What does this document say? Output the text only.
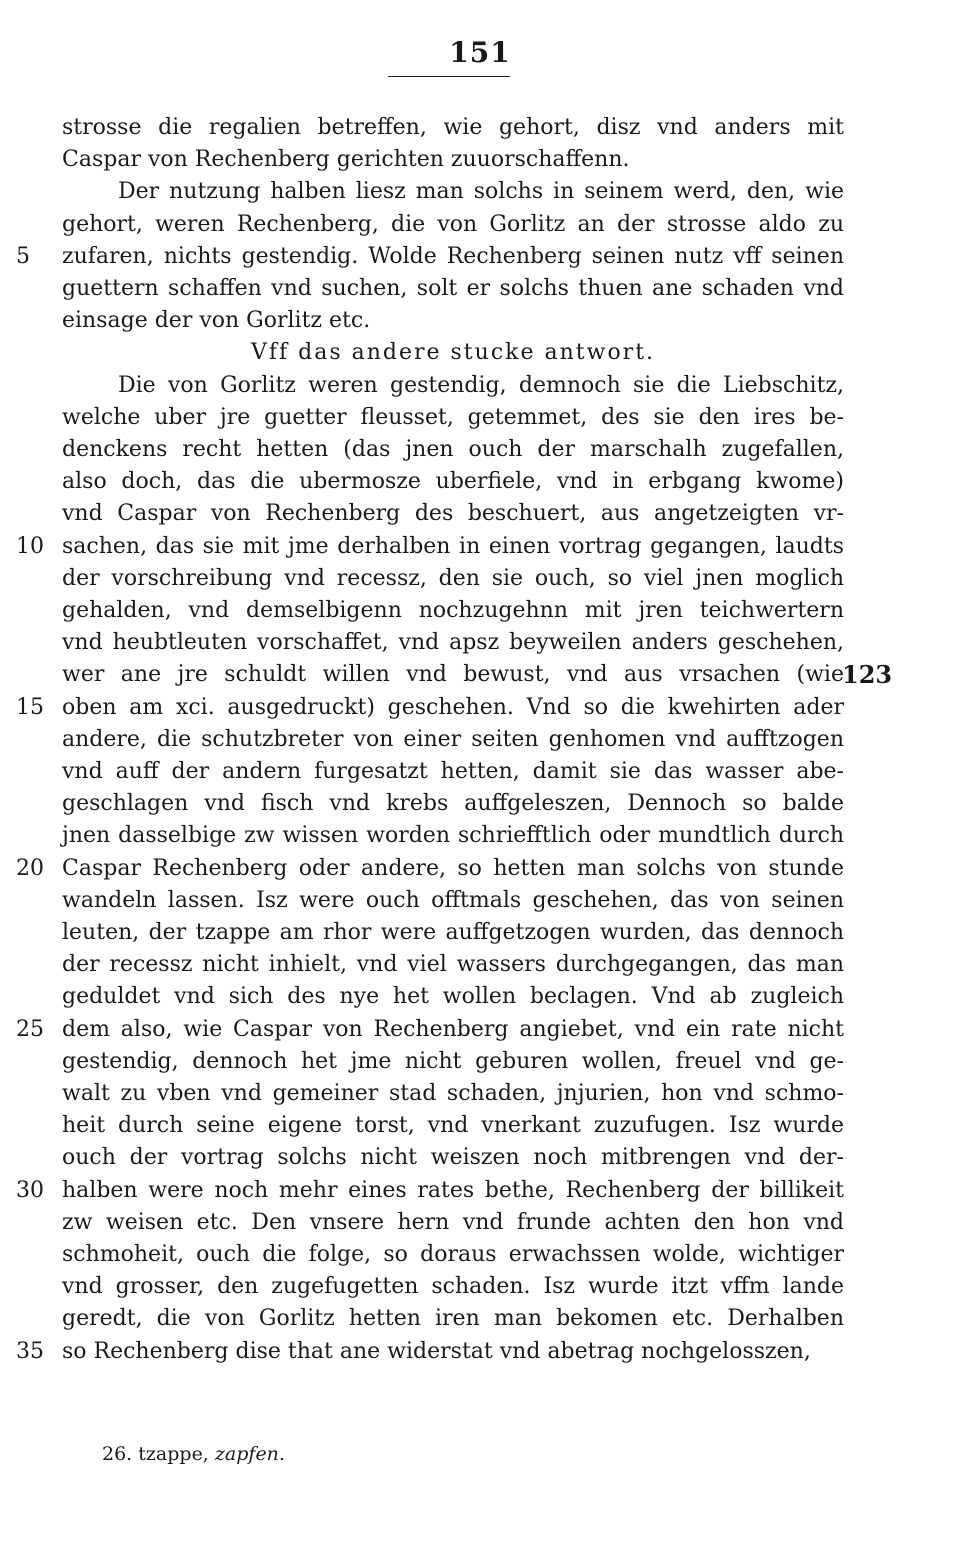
151
strosse die regalien betreffen, wie gehort, disz vnd anders mit
Caspar von Rechenberg gerichten zuuorschaffenn.
Der nutzung halben liesz man solchs in seinem werd, den, wie
gehort, weren Rechenberg, die von Gorlitz an der strosse aldo zu
zufaren, nichts gestendig. Wolde Rechenberg seinen nutz vff seinen
5
guettern schaffen vnd suchen, solt er solchs thuen ane schaden vnd
einsage der von Gorlitz etc.
Vff das andere stucke antwort.
Die von Gorlitz weren gestendig, demnoch sie die Liebschitz,
welche uber jre guetter fleusset, getemmet, des sie den ires be-
denckens recht hetten (das jnen ouch der marschalh zugefallen,
also doch, das die ubermosze uberfiele, vnd in erbgang kwome)
vnd Caspar von Rechenberg des beschuert, aus angetzeigten vr-
sachen, das sie mit jme derhalben in einen vortrag gegangen, laudts
10
der vorschreibung vnd recessz, den sie ouch, so viel jnen moglich
gehalden, vnd demselbigenn nochzugehnn mit jren teichwertern
vnd heubtleuten vorschaffet, vnd apsz beyweilen anders geschehen,
wer ane jre schuldt willen vnd bewust, vnd aus vrsachen (wie
123
oben am xci. ausgedruckt) geschehen. Vnd so die kwehirten ader
15
andere, die schutzbreter von einer seiten genhomen vnd aufftzogen
vnd auff der andern furgesatzt hetten, damit sie das wasser abe-
geschlagen vnd fisch vnd krebs auffgeleszen, Dennoch so balde
jnen dasselbige zw wissen worden schriefftlich oder mundtlich durch
Caspar Rechenberg oder andere, so hetten man solchs von stunde
20
wandeln lassen. Isz were ouch offtmals geschehen, das von seinen
leuten, der tzappe am rhor were auffgetzogen wurden, das dennoch
der recessz nicht inhielt, vnd viel wassers durchgegangen, das man
geduldet vnd sich des nye het wollen beclagen. Vnd ab zugleich
dem also, wie Caspar von Rechenberg angiebet, vnd ein rate nicht
25
gestendig, dennoch het jme nicht geburen wollen, freuel vnd ge-
walt zu vben vnd gemeiner stad schaden, jnjurien, hon vnd schmo-
heit durch seine eigene torst, vnd vnerkant zuzufugen. Isz wurde
ouch der vortrag solchs nicht weiszen noch mitbrengen vnd der-
halben were noch mehr eines rates bethe, Rechenberg der billikeit
30
zw weisen etc. Den vnsere hern vnd frunde achten den hon vnd
schmoheit, ouch die folge, so doraus erwachssen wolde, wichtiger
vnd grosser, den zugefugetten schaden. Isz wurde itzt vffm lande
geredt, die von Gorlitz hetten iren man bekomen etc. Derhalben
so Rechenberg dise that ane widerstat vnd abetrag nochgelosszen,
35
26. tzappe, zapfen.
